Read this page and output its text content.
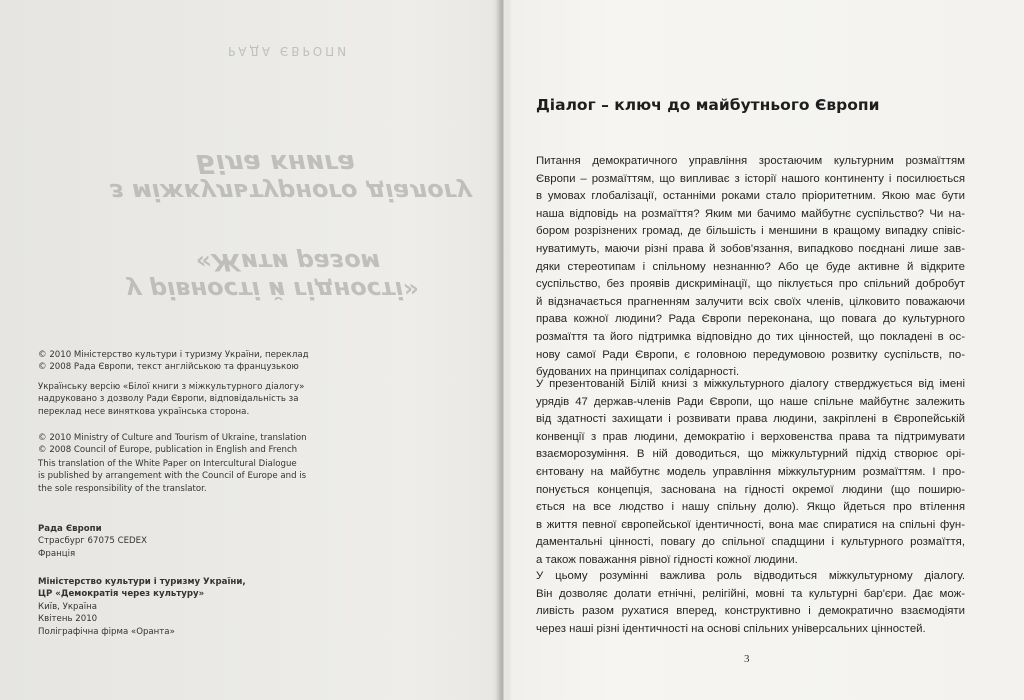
РАДА ЄВРОПИ
Біла книга
з міжкультурного діалогу
«Жити разом
у рівності й гідності»

© 2010 Міністерство культури і туризму України, переклад

© 2008 Рада Європи, текст англійською та французькою

Українську версію «Білої книги з міжкультурного діалогу»

надруковано з дозволу Ради Європи, відповідальність за

переклад несе виняткова українська сторона.

© 2010 Ministry of Culture and Tourism of Ukraine, translation

© 2008 Council of Europe, publication in English and French

This translation of the White Paper on Intercultural Dialogue

is published by arrangement with the Council of Europe and is

the sole responsibility of the translator.

Рада Європи

Страсбург 67075 CEDEX

Франція

Міністерство культури і туризму України,

ЦР «Демократія через культуру»

Київ, Україна

Квітень 2010

Поліграфічна фірма «Оранта»

Діалог – ключ до майбутнього Європи
Питання демократичного управління зростаючим культурним розмаїттям
Європи – розмаїттям, що випливає з історії нашого континенту і посилюється
в умовах глобалізації, останніми роками стало пріоритетним. Якою має бути
наша відповідь на розмаїття? Яким ми бачимо майбутнє суспільство? Чи на-
бором розрізнених громад, де більшість і меншини в кращому випадку співіс-
нуватимуть, маючи різні права й зобов'язання, випадково поєднані лише зав-
дяки стереотипам і спільному незнанню? Або це буде активне й відкрите
суспільство, без проявів дискримінації, що піклується про спільний добробут
й відзначається прагненням залучити всіх своїх членів, цілковито поважаючи
права кожної людини? Рада Європи переконана, що повага до культурного
розмаїття та його підтримка відповідно до тих цінностей, що покладені в ос-
нову самої Ради Європи, є головною передумовою розвитку суспільств, по-
будованих на принципах солідарності.
У презентованій Білій книзі з міжкультурного діалогу стверджується від імені
урядів 47 держав-членів Ради Європи, що наше спільне майбутнє залежить
від здатності захищати і розвивати права людини, закріплені в Європейській
конвенції з прав людини, демократію і верховенства права та підтримувати
взаєморозуміння. В ній доводиться, що міжкультурний підхід створює орі-
єнтовану на майбутнє модель управління міжкультурним розмаїттям. І про-
понується концепція, заснована на гідності окремої людини (що поширю-
ється на все людство і нашу спільну долю). Якщо йдеться про втілення
в життя певної європейської ідентичності, вона має спиратися на спільні фун-
даментальні цінності, повагу до спільної спадщини і культурного розмаїття,
а також поважання рівної гідності кожної людини.
У цьому розумінні важлива роль відводиться міжкультурному діалогу.
Він дозволяє долати етнічні, релігійні, мовні та культурні бар'єри. Дає мож-
ливість разом рухатися вперед, конструктивно і демократично взаємодіяти
через наші різні ідентичності на основі спільних універсальних цінностей.
3
